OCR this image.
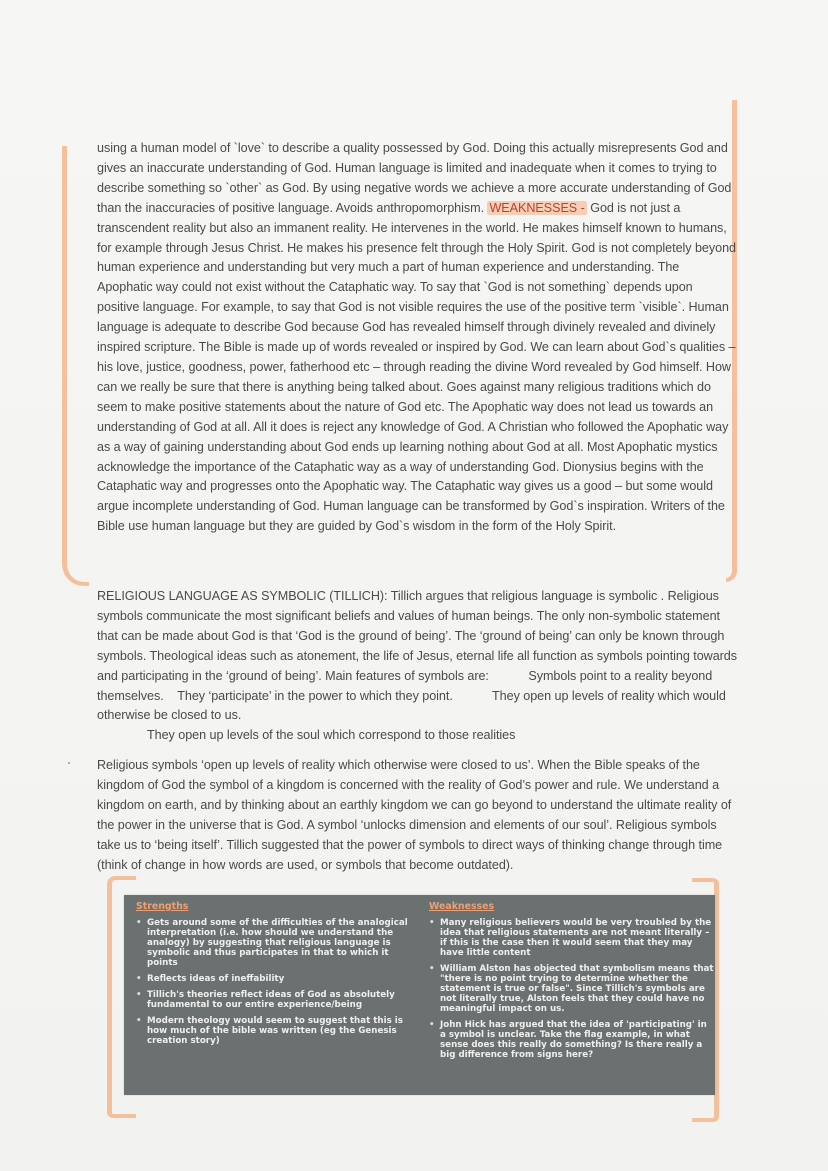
using a human model of `love` to describe a quality possessed by God. Doing this actually misrepresents God and gives an inaccurate understanding of God. Human language is limited and inadequate when it comes to trying to describe something so `other` as God. By using negative words we achieve a more accurate understanding of God than the inaccuracies of positive language. Avoids anthropomorphism. WEAKNESSES - God is not just a transcendent reality but also an immanent reality. He intervenes in the world. He makes himself known to humans, for example through Jesus Christ. He makes his presence felt through the Holy Spirit. God is not completely beyond human experience and understanding but very much a part of human experience and understanding. The Apophatic way could not exist without the Cataphatic way. To say that `God is not something` depends upon positive language. For example, to say that God is not visible requires the use of the positive term `visible`. Human language is adequate to describe God because God has revealed himself through divinely revealed and divinely inspired scripture. The Bible is made up of words revealed or inspired by God. We can learn about God`s qualities – his love, justice, goodness, power, fatherhood etc – through reading the divine Word revealed by God himself. How can we really be sure that there is anything being talked about. Goes against many religious traditions which do seem to make positive statements about the nature of God etc. The Apophatic way does not lead us towards an understanding of God at all. All it does is reject any knowledge of God. A Christian who followed the Apophatic way as a way of gaining understanding about God ends up learning nothing about God at all. Most Apophatic mystics acknowledge the importance of the Cataphatic way as a way of understanding God. Dionysius begins with the Cataphatic way and progresses onto the Apophatic way. The Cataphatic way gives us a good – but some would argue incomplete understanding of God. Human language can be transformed by God`s inspiration. Writers of the Bible use human language but they are guided by God`s wisdom in the form of the Holy Spirit.
RELIGIOUS LANGUAGE AS SYMBOLIC (TILLICH): Tillich argues that religious language is symbolic . Religious symbols communicate the most significant beliefs and values of human beings. The only non-symbolic statement that can be made about God is that ‘God is the ground of being’. The ‘ground of being’ can only be known through symbols. Theological ideas such as atonement, the life of Jesus, eternal life all function as symbols pointing towards and participating in the ‘ground of being’. Main features of symbols are:	Symbols point to a reality beyond themselves. They ‘participate’ in the power to which they point.	They open up levels of reality which would otherwise be closed to us.
They open up levels of the soul which correspond to those realities
Religious symbols ‘open up levels of reality which otherwise were closed to us’. When the Bible speaks of the kingdom of God the symbol of a kingdom is concerned with the reality of God’s power and rule. We understand a kingdom on earth, and by thinking about an earthly kingdom we can go beyond to understand the ultimate reality of the power in the universe that is God. A symbol ‘unlocks dimension and elements of our soul’. Religious symbols take us to ‘being itself’. Tillich suggested that the power of symbols to direct ways of thinking change through time (think of change in how words are used, or symbols that become outdated).
Strengths
• Gets around some of the difficulties of the analogical interpretation (i.e. how should we understand the analogy) by suggesting that religious language is symbolic and thus participates in that to which it points
• Reflects ideas of ineffability
• Tillich's theories reflect ideas of God as absolutely fundamental to our entire experience/being
• Modern theology would seem to suggest that this is how much of the bible was written (eg the Genesis creation story)
Weaknesses
• Many religious believers would be very troubled by the idea that religious statements are not meant literally – if this is the case then it would seem that they may have little content
• William Alston has objected that symbolism means that "there is no point trying to determine whether the statement is true or false". Since Tillich's symbols are not literally true, Alston feels that they could have no meaningful impact on us.
• John Hick has argued that the idea of 'participating' in a symbol is unclear. Take the flag example, in what sense does this really do something? Is there really a big difference from signs here?
